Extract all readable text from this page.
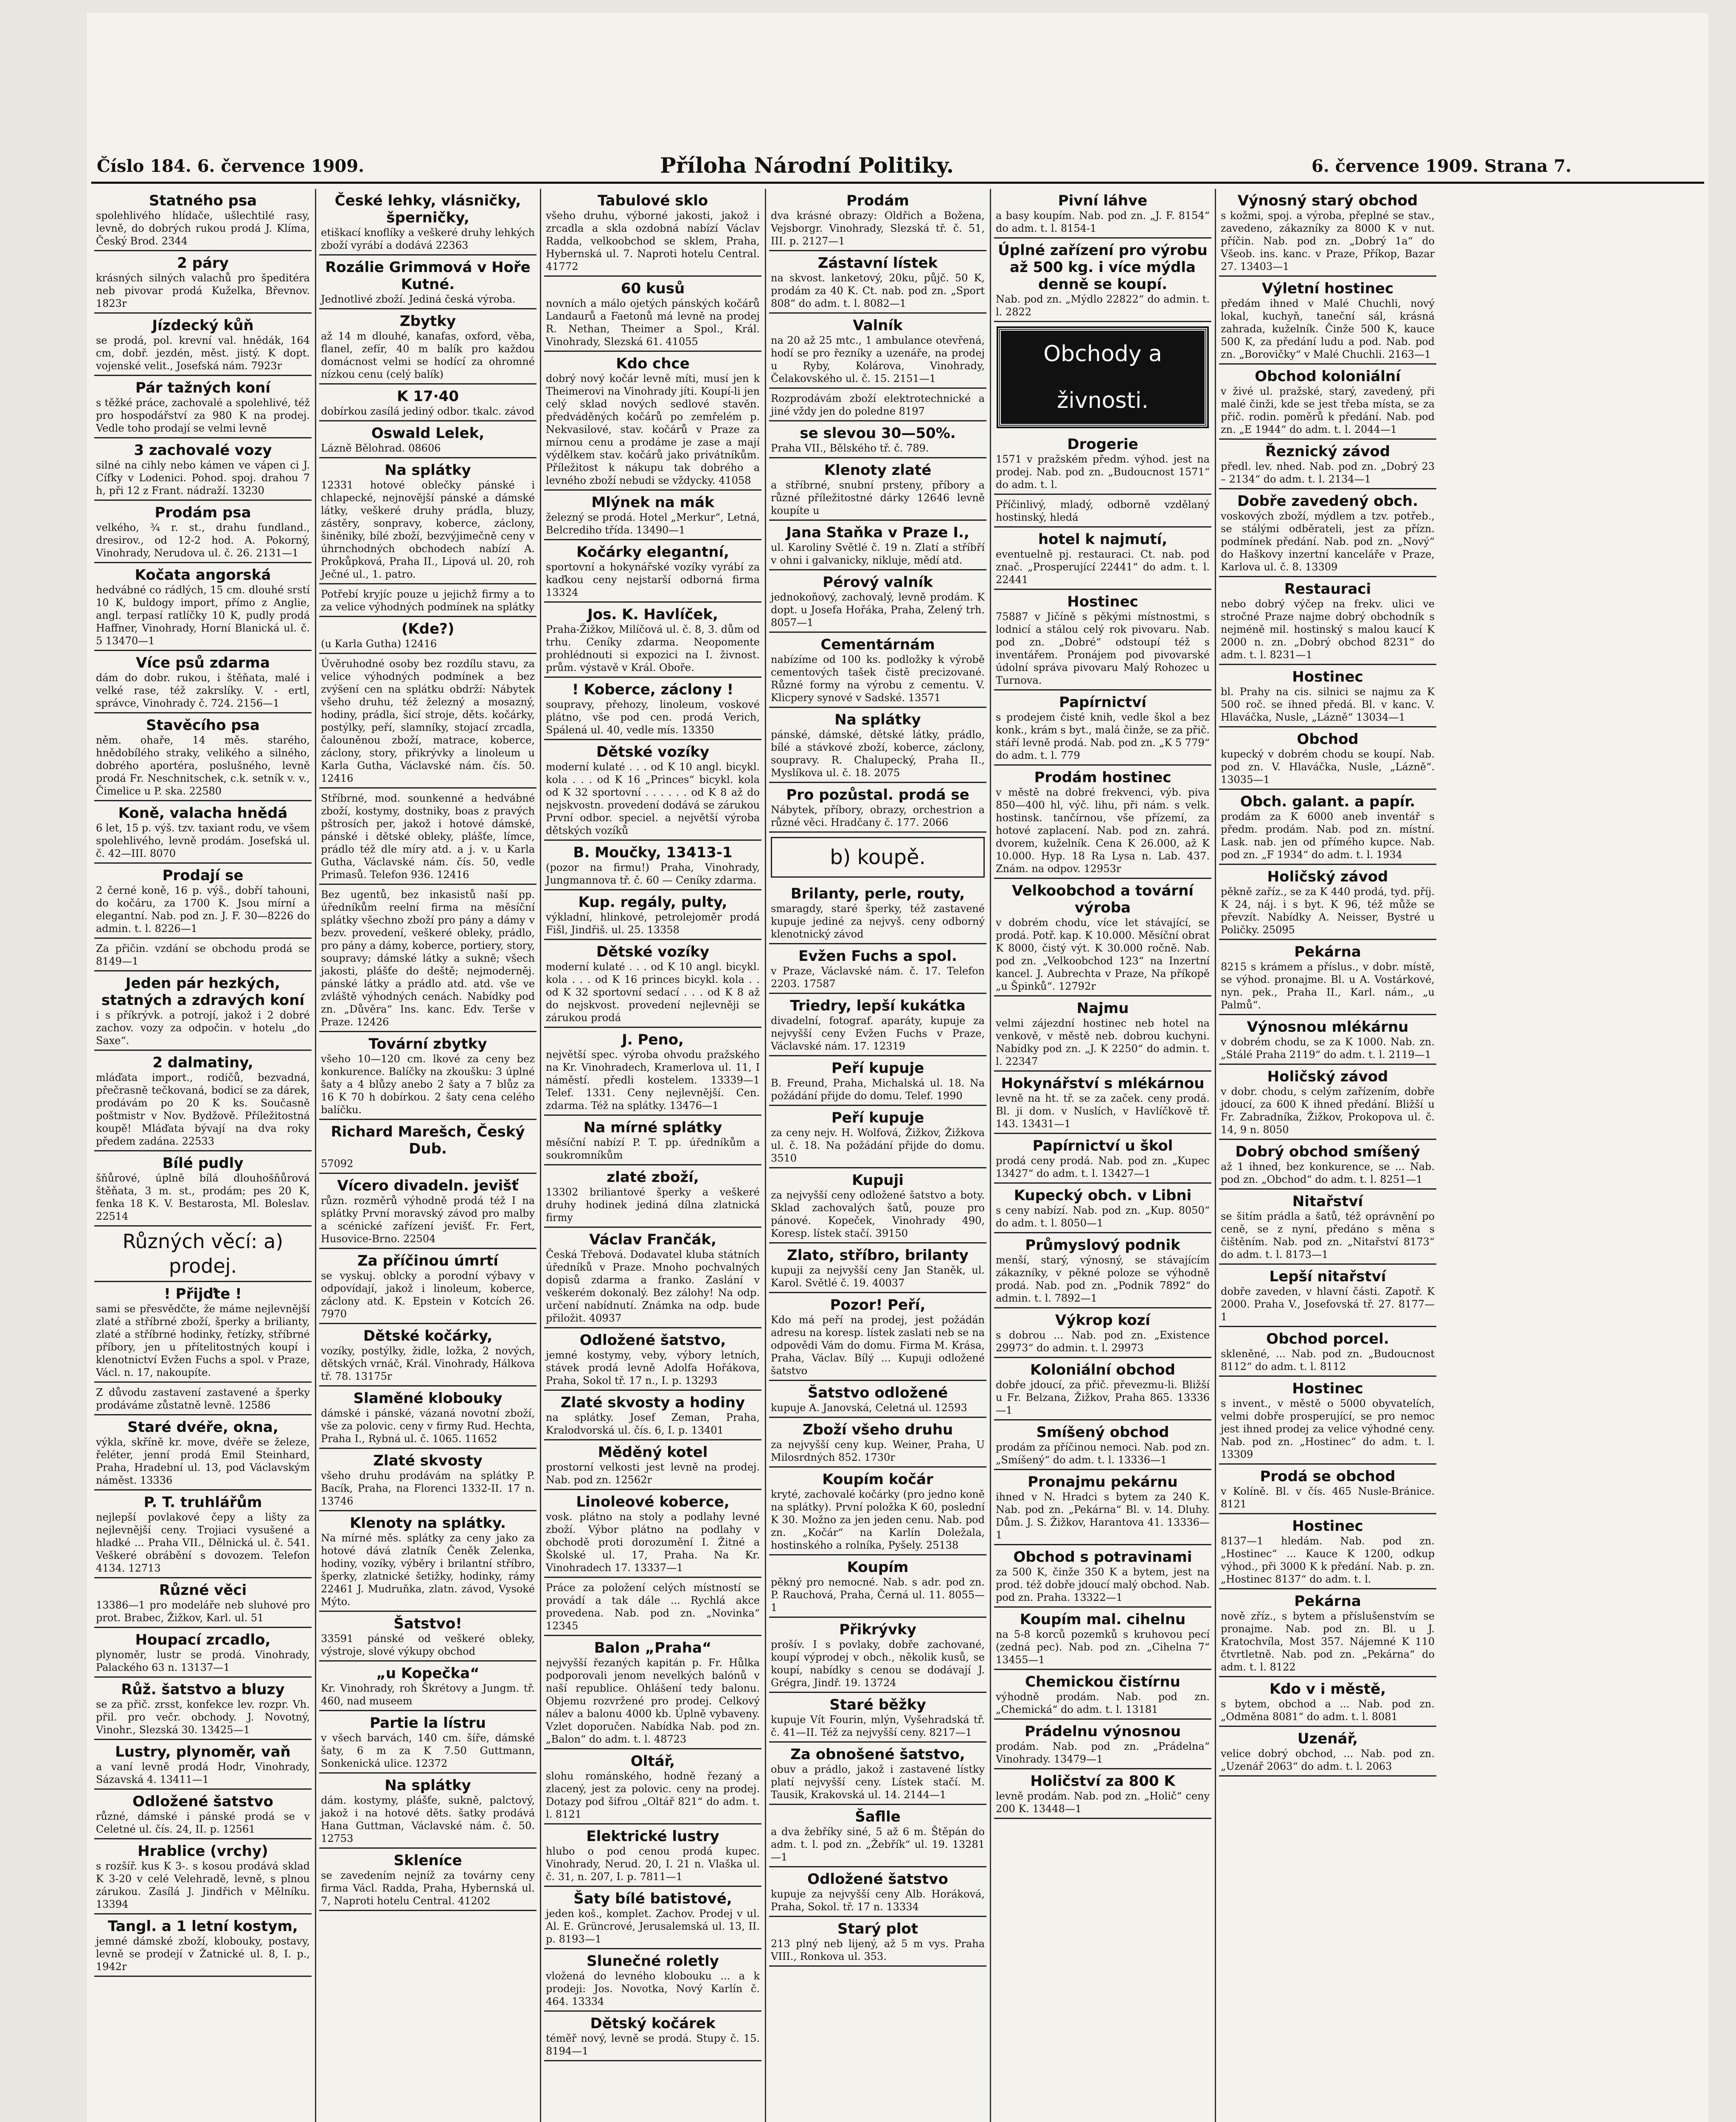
Číslo 184. 6. července 1909.	Příloha Národní Politiky.	6. července 1909. Strana 7.
Statného psa
spolehlivého hlídače, ušlechtilé rasy, levně, do dobrých rukou prodá J. Klíma, Český Brod. 2344
2 páry
krásných silných valachů pro špeditéra neb pivovar prodá Kuželka, Břevnov. 1823r
Jízdecký kůň
se prodá, pol. krevní val. hnědák, 164 cm, dobř. jezdén, měst. jistý. K dopt. vojenské velit., Josefská nám. 7923r
Pár tažných koní
s těžké práce, zachovalé a spolehlivé, též pro hospodářství za 980 K na prodej. Vedle toho prodají se velmi levně
3 zachovalé vozy
silné na cihly nebo kámen ve vápen ci J. Cífky v Lodenici. Pohod. spoj. drahou 7 h, při 12 z Frant. nádraží. 13230
Prodám psa
velkého, ¾ r. st., drahu fundland., dresirov., od 12-2 hod. A. Pokorný, Vinohrady, Nerudova ul. č. 26. 2131—1
Kočata angorská
hedvábné co rádlých, 15 cm. dlouhé srstí 10 K, buldogy import, přímo z Anglie, angl. terpasí ratlíčky 10 K, pudly prodá Haffner, Vinohrady, Horní Blanická ul. č. 5 13470—1
Více psů zdarma
dám do dobr. rukou, i štěňata, malé i velké rase, též zakrslíky. V. - ertl, správce, Vinohrady č. 724. 2156—1
Stavěcího psa
něm. ohaře, 14 měs. starého, hnědobílého straky, velikého a silného, dobrého aportéra, poslušného, levně prodá Fr. Neschnitschek, c.k. setník v. v., Čimelice u P. ska. 22580
Koně, valacha hnědá
6 let, 15 p. výš. tzv. taxiant rodu, ve všem spolehlivého, levně prodám. Josefská ul. č. 42—III. 8070
Prodají se
2 černé koně, 16 p. výš., dobří tahouni, do kočáru, za 1700 K. Jsou mírní a elegantní. Nab. pod zn. J. F. 30—8226 do admin. t. l. 8226—1
Za přičin. vzdání se obchodu prodá se 8149—1
Jeden pár hezkých, statných a zdravých koní
i s příkrývk. a potrojí, jakož i 2 dobré zachov. vozy za odpočin. v hotelu „do Saxe“.
2 dalmatiny,
mláďata import., rodičů, bezvadná, přečrasně tečkovaná, bodicí se za dárek, prodávám po 20 K ks. Současně poštmistr v Nov. Bydžově. Příležitostná koupě! Mláďata bývají na dva roky předem zadána. 22533
Bílé pudly
šňůrové, úplně bílá dlouhošňůrová štěňata, 3 m. st., prodám; pes 20 K, fenka 18 K. V. Bestarosta, Ml. Boleslav. 22514
Různých věcí: a) prodej.
! Přijďte !
sami se přesvědčte, že máme nejlevnější zlaté a stříbrné zboží, šperky a brilianty, zlaté a stříbrné hodinky, řetízky, stříbrné příbory, jen u přítelitostných koupí i klenotnictví Evžen Fuchs a spol. v Praze, Václ. n. 17, nakoupíte.
Z důvodu zastavení zastavené a šperky prodáváme zůstatně levně. 12586
Staré dvéře, okna,
výkla, skříně kr. move, dvéře se železe, řeléter, jenní prodá Emil Steinhard, Praha, Hradební ul. 13, pod Václavským náměst. 13336
P. T. truhlářům
nejlepší povlakové čepy a lišty za nejlevnější ceny. Trojiaci vysušené a hladké ... Praha VII., Dělnická ul. č. 541. Veškeré obrábění s dovozem. Telefon 4134. 12713
Různé věci
13386—1 pro modeláře neb sluhové pro prot. Brabec, Žižkov, Karl. ul. 51
Houpací zrcadlo,
plynoměr, lustr se prodá. Vinohrady, Palackého 63 n. 13137—1
Růž. šatstvo a bluzy
se za přič. zrsst, konfekce lev. rozpr. Vh. přil. pro večr. obchody. J. Novotný, Vinohr., Slezská 30. 13425—1
Lustry, plynoměr, vaň
a vaní levně prodá Hodr, Vinohrady, Sázavská 4. 13411—1
Odložené šatstvo
různé, dámské i pánské prodá se v Celetné ul. čís. 24, II. p. 12561
Hrablice (vrchy)
s rozšíř. kus K 3-. s kosou prodává sklad K 3-20 v celé Velehradě, levně, s plnou zárukou. Zasílá J. Jindřich v Mělníku. 13394
Tangl. a 1 letní kostym,
jemné dámské zboží, klobouky, postavy, levně se prodejí v Žatnické ul. 8, I. p., 1942r
České lehky, vlásničky, šperničky,
etiškací knoflíky a veškeré druhy lehkých zboží vyrábí a dodává 22363
Rozálie Grimmová v Hoře Kutné.
Jednotlivé zboží. Jediná česká výroba.
Zbytky
až 14 m dlouhé, kanafas, oxford, věba, flanel, zefír, 40 m balík pro každou domácnost velmi se hodící za ohromné nízkou cenu (celý balík)
K 17·40
dobírkou zasílá jediný odbor. tkalc. závod
Oswald Lelek,
Lázně Bělohrad. 08606
Na splátky
12331 hotové oblečky pánské i chlapecké, nejnovější pánské a dámské látky, veškeré druhy prádla, bluzy, zástěry, sonpravy, koberce, záclony, šiněniky, bílé zboží, bezvýjimečně ceny v úhrnchodných obchodech nabízí A. Prokůpková, Praha II., Lipová ul. 20, roh Ječné ul., 1. patro.
Potřebí kryjíc pouze u jejichž firmy a to za velice výhodných podmínek na splátky
(Kde?)
(u Karla Gutha) 12416
Úvěruhodné osoby bez rozdílu stavu, za velice výhodných podmínek a bez zvýšení cen na splátku obdrží: Nábytek všeho druhu, též železný a mosazný, hodiny, prádla, šicí stroje, děts. kočárky, postýlky, peří, slamníky, stojací zrcadla, čalouněnou zboží, matrace, koberce, záclony, story, přikrývky a linoleum u Karla Gutha, Václavské nám. čís. 50. 12416
Stříbrné, mod. sounkenné a hedvábné zboží, kostymy, dostniky, boas z pravých pštrosích per, jakož i hotové dámské, pánské i dětské obleky, plášťe, límce, prádlo též dle míry atd. a j. v. u Karla Gutha, Václavské nám. čís. 50, vedle Primasů. Telefon 936. 12416
Bez ugentů, bez inkasistů naší pp. úředníkům reelní firma na měsíční splátky všechno zboží pro pány a dámy v bezv. provedení, veškeré obleky, prádlo, pro pány a dámy, koberce, portiery, story, soupravy; dámské látky a sukně; všech jakosti, plášťe do deště; nejmoderněj. pánské látky a prádlo atd. atd. vše ve zvláště výhodných cenách. Nabídky pod zn. „Důvěra“ Ins. kanc. Edv. Terše v Praze. 12426
Tovární zbytky
všeho 10—120 cm. lkové za ceny bez konkurence. Balíčky na zkoušku: 3 úplné šaty a 4 blůzy anebo 2 šaty a 7 blůz za 16 K 70 h dobírkou. 2 šaty cena celého balíčku.
Richard Marešch, Český Dub.
57092
Vícero divadeln. jevišť
různ. rozměrů výhodně prodá též I na splátky První moravský závod pro malby a scénické zařízení jevišť. Fr. Fert, Husovice-Brno. 22504
Za příčinou úmrtí
se vyskuj. oblcky a porodní výbavy v odpovídají, jakož i linoleum, koberce, záclony atd. K. Epstein v Kotcích 26. 7970
Dětské kočárky,
vozíky, postýlky, židle, ložka, 2 nových, dětských vrnáč, Král. Vinohrady, Hálkova tř. 78. 13175r
Slaměné klobouky
dámské i pánské, vázaná novotní zboží, vše za polovic. ceny v firmy Rud. Hechta, Praha I., Rybná ul. č. 1065. 11652
Zlaté skvosty
všeho druhu prodávám na splátky P. Bacík, Praha, na Florenci 1332-II. 17 n. 13746
Klenoty na splátky.
Na mírné měs. splátky za ceny jako za hotové dává zlatník Čeněk Zelenka, hodiny, vozíky, výběry i brilantní stříbro, šperky, zlatnické šetižky, hodinky, rámy 22461 J. Mudruňka, zlatn. závod, Vysoké Mýto.
Šatstvo!
33591 pánské od veškeré obleky, výstroje, slové výkupy obchod
„u Kopečka“
Kr. Vinohrady, roh Škrétovy a Jungm. tř. 460, nad museem
Partie la lístru
v všech barvách, 140 cm. šíře, dámské šaty, 6 m za K 7.50 Guttmann, Sonkenická ulice. 12372
Na splátky
dám. kostymy, plášťe, sukně, palctový, jakož i na hotové děts. šatky prodává Hana Guttman, Václavské nám. č. 50. 12753
Skleníce
se zavedením nejníž za továrny ceny firma Václ. Radda, Praha, Hybernská ul. 7, Naproti hotelu Central. 41202
Tabulové sklo
všeho druhu, výborné jakosti, jakož i zrcadla a skla ozdobná nabízí Václav Radda, velkoobchod se sklem, Praha, Hybernská ul. 7. Naproti hotelu Central. 41772
60 kusů
novních a málo ojetých pánských kočárů Landaurů a Faetonů má levně na prodej R. Nethan, Theimer a Spol., Král. Vinohrady, Slezská 61. 41055
Kdo chce
dobrý nový kočár levně míti, musí jen k Theimerovi na Vinohrady jíti. Koupí-li jen celý sklad nových sedlové stavěn. předváděných kočárů po zemřelém p. Nekvasilové, stav. kočárů v Praze za mírnou cenu a prodáme je zase a mají výdělkem stav. kočárů jako privátníkům. Příležitost k nákupu tak dobrého a levného zboží nebudi se vždycky. 41058
Mlýnek na mák
železný se prodá. Hotel „Merkur“, Letná, Belcrediho třída. 13490—1
Kočárky elegantní,
sportovní a hokynářské vozíky vyrábí za kaďkou ceny nejstarší odborná firma 13324
Jos. K. Havlíček,
Praha-Žižkov, Milíčová ul. č. 8, 3. dům od trhu. Ceníky zdarma. Neopomente prohlédnouti si expozici na I. živnost. prům. výstavě v Král. Oboře.
! Koberce, záclony !
soupravy, přehozy, linoleum, voskové plátno, vše pod cen. prodá Verich, Spálená ul. 40, vedle mís. 13350
Dětské vozíky
moderní kulaté . . . od K 10 angl. bicykl. kola . . . od K 16 „Princes“ bicykl. kola od K 32 sportovní . . . . . . od K 8 až do nejskvostn. provedení dodává se zárukou První odbor. speciel. a největší výroba dětských vozíků
B. Moučky, 13413-1
(pozor na firmu!) Praha, Vinohrady, Jungmannova tř. č. 60 — Ceníky zdarma.
Kup. regály, pulty,
výkladní, hlinkové, petrolejoměr prodá Fišl, Jindřiš. ul. 25. 13358
Dětské vozíky
moderní kulaté . . . od K 10 angl. bicykl. kola . . . od K 16 princes bicykl. kola . . od K 32 sportovní sedací . . . od K 8 až do nejskvost. provedení nejlevněji se zárukou prodá
J. Peno,
největší spec. výroba ohvodu pražského na Kr. Vinohradech, Kramerlova ul. 11, I náměstí. předli kostelem. 13339—1 Telef. 1331. Ceny nejlevnější. Cen. zdarma. Též na splátky. 13476—1
Na mírné splátky
měsíční nabízí P. T. pp. úředníkům a soukromníkům
zlaté zboží,
13302 briliantové šperky a veškeré druhy hodinek jediná dílna zlatnická firmy
Václav Frančák,
Česká Třebová. Dodavatel kluba státních úředníků v Praze. Mnoho pochvalných dopisů zdarma a franko. Zaslání v veškerém dokonalý. Bez zálohy! Na odp. určení nabídnutí. Známka na odp. bude přiložit. 40937
Odložené šatstvo,
jemné kostymy, veby, výbory letních, stávek prodá levně Adolfa Hořákova, Praha, Sokol tř. 17 n., I. p. 13293
Zlaté skvosty a hodiny
na splátky. Josef Zeman, Praha, Kralodvorská ul. čís. 6, I. p. 13401
Měděný kotel
prostorní velkosti jest levně na prodej. Nab. pod zn. 12562r
Linoleové koberce,
vosk. plátno na stoly a podlahy levné zboží. Výbor plátno na podlahy v obchodě proti dorozumění I. Žitné a Školské ul. 17, Praha. Na Kr. Vinohradech 17. 13337—1
Práce za položení celých místností se provádí a tak dále ... Rychlá akce provedena. Nab. pod zn. „Novinka“ 12345
Balon „Praha“
nejvyšší řezaných kapitán p. Fr. Hůlka podporovali jenom nevelkých balónů v naší republice. Ohlášení tedy balonu. Objemu rozvržené pro prodej. Celkový nálev a balonu 4000 kb. Úplně vybaveny. Vzlet doporučen. Nabídka Nab. pod zn. „Balon“ do adm. t. l. 48723
Oltář,
slohu románského, hodně řezaný a zlacený, jest za polovic. ceny na prodej. Dotazy pod šifrou „Oltář 821“ do adm. t. l. 8121
Elektrické lustry
hlubo o pod cenou prodá kupec. Vinohrady, Nerud. 20, I. 21 n. Vlaška ul. č. 31, n. 207, I. p. 7811—1
Šaty bílé batistové,
jeden koš., komplet. Zachov. Prodej v ul. Al. E. Grüncrové, Jerusalemská ul. 13, II. p. 8193—1
Slunečné roletly
vložená do levného klobouku ... a k prodeji: Jos. Novotka, Nový Karlín č. 464. 13334
Dětský kočárek
téměř nový, levně se prodá. Stupy č. 15. 8194—1
Prodám
dva krásné obrazy: Oldřich a Božena, Vejsborgr. Vinohrady, Slezská tř. č. 51, III. p. 2127—1
Zástavní lístek
na skvost. lanketový, 20ku, půjč. 50 K, prodám za 40 K. Ct. nab. pod zn. „Sport 808“ do adm. t. l. 8082—1
Valník
na 20 až 25 mtc., 1 ambulance otevřená, hodí se pro řezníky a uzenáře, na prodej u Ryby, Kolárova, Vinohrady, Čelakovského ul. č. 15. 2151—1
Rozprodávám zboží elektrotechnické a jiné vždy jen do poledne 8197
se slevou 30—50%.
Praha VII., Bělského tř. č. 789.
Klenoty zlaté
a stříbrné, snubní prsteny, příbory a různé příležitostné dárky 12646 levně koupíte u
Jana Staňka v Praze I.,
ul. Karoliny Světlé č. 19 n. Zlatí a stříbří v ohni i galvanicky, nikluje, mědí atd.
Pérový valník
jednokoňový, zachovalý, levně prodám. K dopt. u Josefa Hořáka, Praha, Zelený trh. 8057—1
Cementárnám
nabízíme od 100 ks. podložky k výrobě cementových tašek čistě precizované. Různé formy na výrobu z cementu. V. Klicpery synové v Sadské. 13571
Na splátky
pánské, dámské, dětské látky, prádlo, bílé a stávkové zboží, koberce, záclony, soupravy. R. Chalupecký, Praha II., Myslíkova ul. č. 18. 2075
Pro pozůstal. prodá se
Nábytek, příbory, obrazy, orchestrion a různé věci. Hradčany č. 177. 2066
b) koupě.
Brilanty, perle, routy,
smaragdy, staré šperky, též zastavené kupuje jediné za nejvyš. ceny odborný klenotnický závod
Evžen Fuchs a spol.
v Praze, Václavské nám. č. 17. Telefon 2203. 17587
Triedry, lepší kukátka
divadelní, fotograf. aparáty, kupuje za nejvyšší ceny Evžen Fuchs v Praze, Václavské nám. 17. 12319
Peří kupuje
B. Freund, Praha, Michalská ul. 18. Na požádání přijde do domu. Telef. 1990
Peří kupuje
za ceny nejv. H. Wolfová, Žižkov, Žižkova ul. č. 18. Na požádání přijde do domu. 3510
Kupuji
za nejvyšší ceny odložené šatstvo a boty. Sklad zachovalých šatů, pouze pro pánové. Kopeček, Vinohrady 490, Koresp. lístek stačí. 39150
Zlato, stříbro, brilanty
kupuji za nejvyšší ceny Jan Staněk, ul. Karol. Světlé č. 19. 40037
Pozor! Peří,
Kdo má peří na prodej, jest požádán adresu na koresp. lístek zaslati neb se na odpovědi Vám do domu. Firma M. Krása, Praha, Václav. Bílý ... Kupuji odložené šatstvo
Šatstvo odložené
kupuje A. Janovská, Celetná ul. 12593
Zboží všeho druhu
za nejvyšší ceny kup. Weiner, Praha, U Milosrdných 852. 1730r
Koupím kočár
kryté, zachovalé kočárky (pro jedno koně na splátky). První položka K 60, poslední K 30. Možno za jen jeden cenu. Nab. pod zn. „Kočár“ na Karlín Doležala, hostinského a rolníka, Pyšely. 25138
Koupím
pěkný pro nemocné. Nab. s adr. pod zn. P. Rauchová, Praha, Černá ul. 11. 8055—1
Přikrývky
prošív. I s povlaky, dobře zachované, koupí výprodej v obch., několik kusů, se koupí, nabídky s cenou se dodávají J. Grégra, Jindř. 19. 13724
Staré běžky
kupuje Vít Fourin, mlýn, Vyšehradská tř. č. 41—II. Též za nejvyšší ceny. 8217—1
Za obnošené šatstvo,
obuv a prádlo, jakož i zastavené lístky platí nejvyšší ceny. Lístek stačí. M. Tausik, Krakovská ul. 14. 2144—1
Šaflle
a dva žebříky siné, 5 až 6 m. Štěpán do adm. t. l. pod zn. „Žebřík“ ul. 19. 13281—1
Odložené šatstvo
kupuje za nejvyšší ceny Alb. Horáková, Praha, Sokol. tř. 17 n. 13334
Starý plot
213 plný neb lijený, až 5 m vys. Praha VIII., Ronkova ul. 353.
Pivní láhve
a basy koupím. Nab. pod zn. „J. F. 8154“ do adm. t. l. 8154-1
Úplné zařízení pro výrobu až 500 kg. i více mýdla denně se koupí.
Nab. pod zn. „Mýdlo 22822“ do admin. t. l. 2822
Obchody a živnosti.
Drogerie
1571 v pražském předm. výhod. jest na prodej. Nab. pod zn. „Budoucnost 1571“ do adm. t. l.
Příčinlivý, mladý, odborně vzdělaný hostinský, hledá
hotel k najmutí,
eventuelně pj. restauraci. Ct. nab. pod znač. „Prosperující 22441“ do adm. t. l. 22441
Hostinec
75887 v Jičíně s pěkými místnostmi, s lodnicí a stálou celý rok pivovaru. Nab. pod zn. „Dobré“ odstoupí též s inventářem. Pronájem pod pivovarské údolní správa pivovaru Malý Rohozec u Turnova.
Papírnictví
s prodejem čisté knih, vedle škol a bez konk., krám s byt., malá činže, se za přič. stáří levně prodá. Nab. pod zn. „K 5 779“ do adm. t. l. 779
Prodám hostinec
v městě na dobré frekvenci, výb. piva 850—400 hl, výč. lihu, při nám. s velk. hostinsk. tančírnou, vše přízemí, za hotové zaplacení. Nab. pod zn. zahrá. dvorem, kuželník. Cena K 26.000, až K 10.000. Hyp. 18 Ra Lysa n. Lab. 437. Znám. na odpov. 12953r
Velkoobchod a tovární výroba
v dobrém chodu, více let stávající, se prodá. Potř. kap. K 10.000. Měsíční obrat K 8000, čistý výt. K 30.000 ročně. Nab. pod zn. „Velkoobchod 123“ na Inzertní kancel. J. Aubrechta v Praze, Na příkopě „u Špinků“. 12792r
Najmu
velmi zájezdní hostinec neb hotel na venkově, v městě neb. dobrou kuchyni. Nabídky pod zn. „J. K 2250“ do admin. t. l. 22347
Hokynářství s mlékárnou
levně na ht. tř. se za začek. ceny prodá. Bl. ji dom. v Nuslích, v Havlíčkově tř. 143. 13431—1
Papírnictví u škol
prodá ceny prodá. Nab. pod zn. „Kupec 13427“ do adm. t. l. 13427—1
Kupecký obch. v Libni
s ceny nabízí. Nab. pod zn. „Kup. 8050“ do adm. t. l. 8050—1
Průmyslový podnik
menší, starý, výnosný, se stávajícím zákazníky, v pěkné poloze se výhodně prodá. Nab. pod zn. „Podnik 7892“ do admin. t. l. 7892—1
Výkrop kozí
s dobrou ... Nab. pod zn. „Existence 29973“ do admin. t. l. 29973
Koloniální obchod
dobře jdoucí, za přič. převezmu-li. Bližší u Fr. Belzana, Žižkov, Praha 865. 13336—1
Smíšený obchod
prodám za příčinou nemoci. Nab. pod zn. „Smíšený“ do adm. t. l. 13336—1
Pronajmu pekárnu
ihned v N. Hradci s bytem za 240 K. Nab. pod zn. „Pekárna“ Bl. v. 14. Dluhy. Dům. J. S. Žižkov, Harantova 41. 13336—1
Obchod s potravinami
za 500 K, činže 350 K a bytem, jest na prod. též dobře jdoucí malý obchod. Nab. pod zn. Praha. 13322—1
Koupím mal. cihelnu
na 5-8 korců pozemků s kruhovou pecí (zedná pec). Nab. pod zn. „Cihelna 7“ 13455—1
Chemickou čistírnu
výhodně prodám. Nab. pod zn. „Chemická“ do adm. t. l. 13181
Prádelnu výnosnou
prodám. Nab. pod zn. „Prádelna“ Vinohrady. 13479—1
Holičství za 800 K
levně prodám. Nab. pod zn. „Holič“ ceny 200 K. 13448—1
Výnosný starý obchod
s kožmi, spoj. a výroba, přeplné se stav., zavedeno, zákazníky za 8000 K v nut. příčin. Nab. pod zn. „Dobrý 1a“ do Všeob. ins. kanc. v Praze, Příkop, Bazar 27. 13403—1
Výletní hostinec
předám ihned v Malé Chuchli, nový lokal, kuchyň, taneční sál, krásná zahrada, kuželník. Činže 500 K, kauce 500 K, za předání ludu a pod. Nab. pod zn. „Borovičky“ v Malé Chuchli. 2163—1
Obchod koloniální
v živé ul. pražské, starý, zavedený, při malé činži, kde se jest třeba místa, se za přič. rodin. poměrů k předání. Nab. pod zn. „E 1944“ do adm. t. l. 2044—1
Řeznický závod
předl. lev. nhed. Nab. pod zn. „Dobrý 23 – 2134“ do adm. t. l. 2134—1
Dobře zavedený obch.
voskových zboží, mýdlem a tzv. potřeb., se stálými odběrateli, jest za přízn. podmínek předání. Nab. pod zn. „Nový“ do Haškovy inzertní kanceláře v Praze, Karlova ul. č. 8. 13309
Restauraci
nebo dobrý výčep na frekv. ulici ve stročné Praze najme dobrý obchodník s nejméně mil. hostinský s malou kaucí K 2000 n. zn. „Dobrý obchod 8231“ do adm. t. l. 8231—1
Hostinec
bl. Prahy na cis. silnici se najmu za K 500 roč. se ihned předá. Bl. v kanc. V. Hlaváčka, Nusle, „Lázně“ 13034—1
Obchod
kupecký v dobrém chodu se koupí. Nab. pod zn. V. Hlaváčka, Nusle, „Lázně“. 13035—1
Obch. galant. a papír.
prodám za K 6000 aneb inventář s předm. prodám. Nab. pod zn. místní. Lask. nab. jen od přímého kupce. Nab. pod zn. „F 1934“ do adm. t. l. 1934
Holičský závod
pěkně zaříz., se za K 440 prodá, tyd. příj. K 24, náj. i s byt. K 96, též může se převzít. Nabídky A. Neisser, Bystré u Poličky. 25095
Pekárna
8215 s krámem a příslus., v dobr. místě, se výhod. pronajme. Bl. u A. Vostárkové, nyn. pek., Praha II., Karl. nám., „u Palmů“.
Výnosnou mlékárnu
v dobrém chodu, se za K 1000. Nab. zn. „Stálé Praha 2119“ do adm. t. l. 2119—1
Holičský závod
v dobr. chodu, s celým zařízením, dobře jdoucí, za 600 K ihned předání. Bližší u Fr. Zabradníka, Žižkov, Prokopova ul. č. 14, 9 n. 8050
Dobrý obchod smíšený
až 1 ihned, bez konkurence, se ... Nab. pod zn. „Obchod“ do adm. t. l. 8251—1
Nitařství
se šitím prádla a šatů, též oprávnění po ceně, se z nyní, předáno s měna s čištěním. Nab. pod zn. „Nitařství 8173“ do adm. t. l. 8173—1
Lepší nitařství
dobře zaveden, v hlavní části. Zapotř. K 2000. Praha V., Josefovská tř. 27. 8177—1
Obchod porcel.
skleněné, ... Nab. pod zn. „Budoucnost 8112“ do adm. t. l. 8112
Hostinec
s invent., v městě o 5000 obyvatelích, velmi dobře prosperující, se pro nemoc jest ihned prodej za velice výhodné ceny. Nab. pod zn. „Hostinec“ do adm. t. l. 13309
Prodá se obchod
v Kolíně. Bl. v čís. 465 Nusle-Bránice. 8121
Hostinec
8137—1 hledám. Nab. pod zn. „Hostinec“ ... Kauce K 1200, odkup výhod., při 3000 K k předání. Nab. p. zn. „Hostinec 8137“ do adm. t. l.
Pekárna
nově zříz., s bytem a příslušenstvím se pronajme. Nab. pod zn. Bl. u J. Kratochvíla, Most 357. Nájemné K 110 čtvrtletně. Nab. pod zn. „Pekárna“ do adm. t. l. 8122
Kdo v i městě,
s bytem, obchod a ... Nab. pod zn. „Odměna 8081“ do adm. t. l. 8081
Uzenář,
velice dobrý obchod, ... Nab. pod zn. „Uzenář 2063“ do adm. t. l. 2063
